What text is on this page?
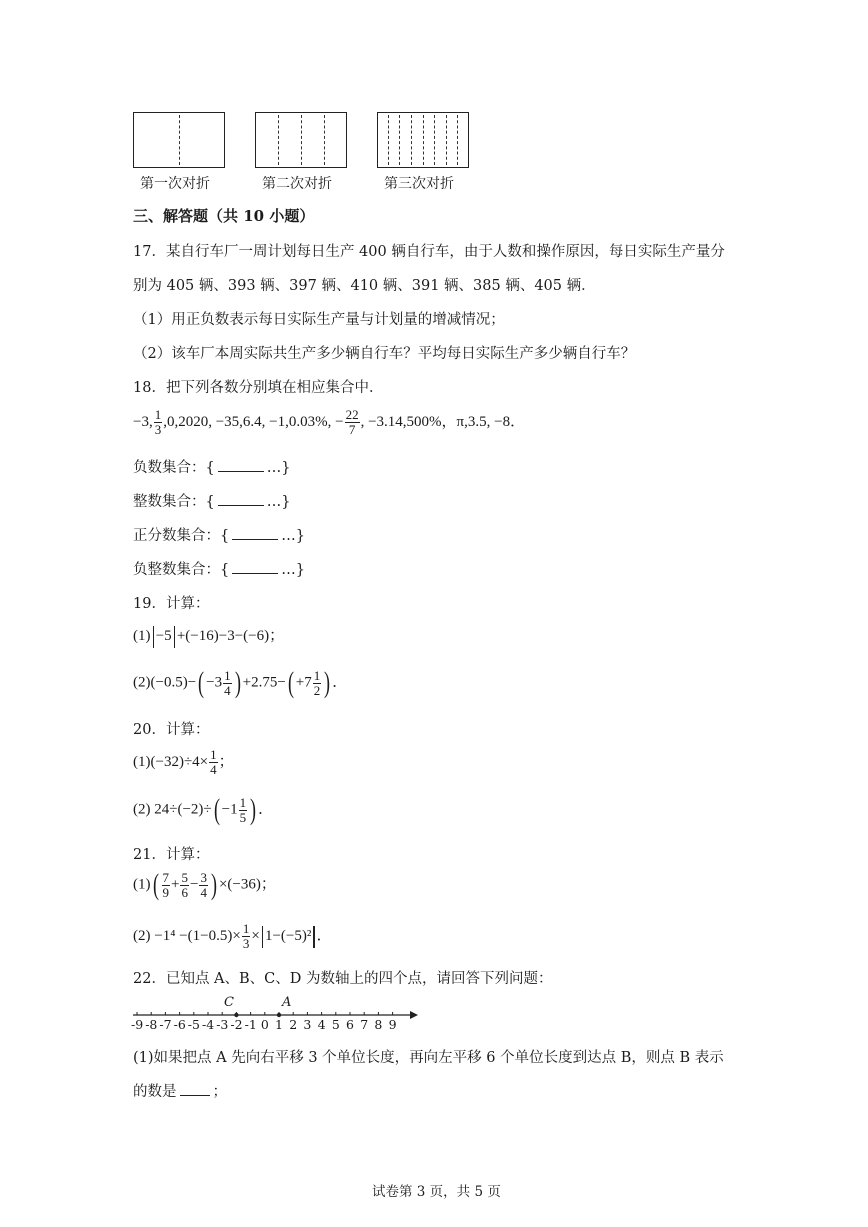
第一次对折	第二次对折	第三次对折
三、解答题（共 10 小题）
17．某自行车厂一周计划每日生产 400 辆自行车，由于人数和操作原因，每日实际生产量分
别为 405 辆、393 辆、397 辆、410 辆、391 辆、385 辆、405 辆．
（1）用正负数表示每日实际生产量与计划量的增减情况；
（2）该车厂本周实际共生产多少辆自行车？平均每日实际生产多少辆自行车？
18．把下列各数分别填在相应集合中．
−3, $\frac{1}{3} ,0,2020$, −35,6.4, −1,0.03%, − $\frac{22}{7}$ , −3.14,500%，π,3.5, −8．
负数集合：{	…}
整数集合：{	…}
正分数集合：{	…}
负整数集合：{	…}
19．计算：
(1) −5 +(−16)−3−(−6)；
$(2)(-0.5)-( -3 \frac{1}{4}$ ) $+2.75-( +7 \frac{1}{2}$ ) ．
20．计算：
$(1)(-32)\div 4\times \frac{1}{4}$ ；
(2) $24\div(-2)\div( -1 \frac{1}{5}$ ) ．
21．计算：
$(1)( \frac{7}{9} + \frac{5}{6} - \frac{3}{4}$ ) ×(−36)；
$(2) -1^4 -(1-0.5)\times \frac{1}{3} \times 1-(-5)^2$ ．
22．已知点 A、B、C、D 为数轴上的四个点，请回答下列问题：
-9 -8 -7 -6 -5 -4 -3 -2 -1 0 1 2 3 4 5 6 7 8 9
C	A
(1)如果把点 A 先向右平移 3 个单位长度，再向左平移 6 个单位长度到达点 B，则点 B 表示
的数是 ；
试卷第 3 页，共 5 页
